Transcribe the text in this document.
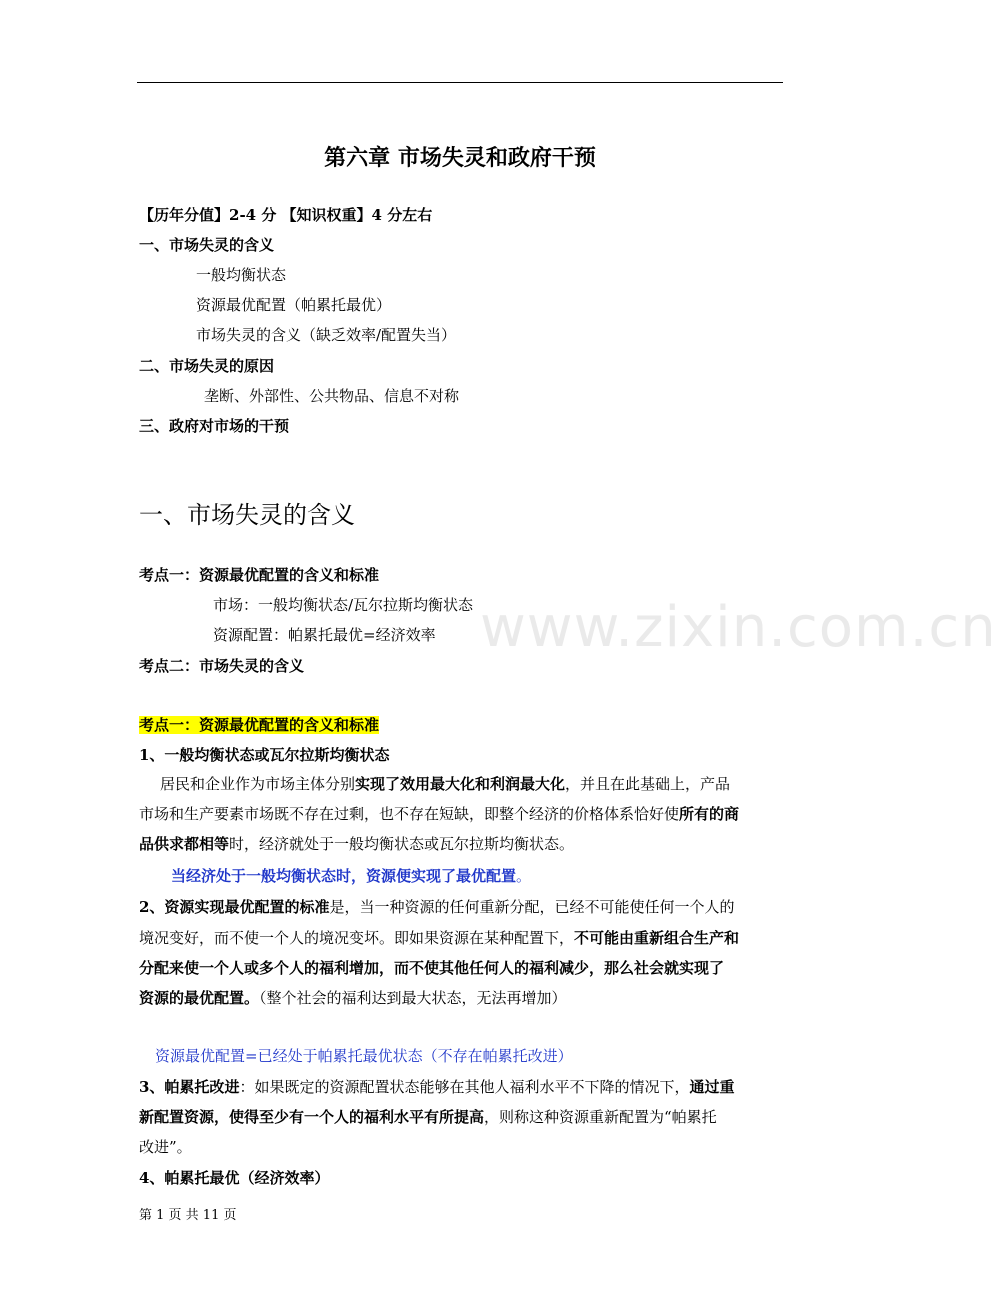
第六章 市场失灵和政府干预
【历年分值】2-4 分 【知识权重】4 分左右
一、市场失灵的含义
一般均衡状态
资源最优配置（帕累托最优）
市场失灵的含义（缺乏效率/配置失当）
二、市场失灵的原因
垄断、外部性、公共物品、信息不对称
三、政府对市场的干预
一、市场失灵的含义
考点一：资源最优配置的含义和标准
市场：一般均衡状态/瓦尔拉斯均衡状态
资源配置：帕累托最优=经济效率
考点二：市场失灵的含义
www.zixin.com.cn
考点一：资源最优配置的含义和标准
1、一般均衡状态或瓦尔拉斯均衡状态
居民和企业作为市场主体分别实现了效用最大化和利润最大化，并且在此基础上，产品
市场和生产要素市场既不存在过剩，也不存在短缺，即整个经济的价格体系恰好使所有的商
品供求都相等时，经济就处于一般均衡状态或瓦尔拉斯均衡状态。
当经济处于一般均衡状态时，资源便实现了最优配置。
2、资源实现最优配置的标准是，当一种资源的任何重新分配，已经不可能使任何一个人的
境况变好，而不使一个人的境况变坏。即如果资源在某种配置下，不可能由重新组合生产和
分配来使一个人或多个人的福利增加，而不使其他任何人的福利减少，那么社会就实现了
资源的最优配置。（整个社会的福利达到最大状态，无法再增加）
资源最优配置=已经处于帕累托最优状态（不存在帕累托改进）
3、帕累托改进：如果既定的资源配置状态能够在其他人福利水平不下降的情况下，通过重
新配置资源，使得至少有一个人的福利水平有所提高，则称这种资源重新配置为“帕累托
改进”。
4、帕累托最优（经济效率）
第 1 页 共 11 页
